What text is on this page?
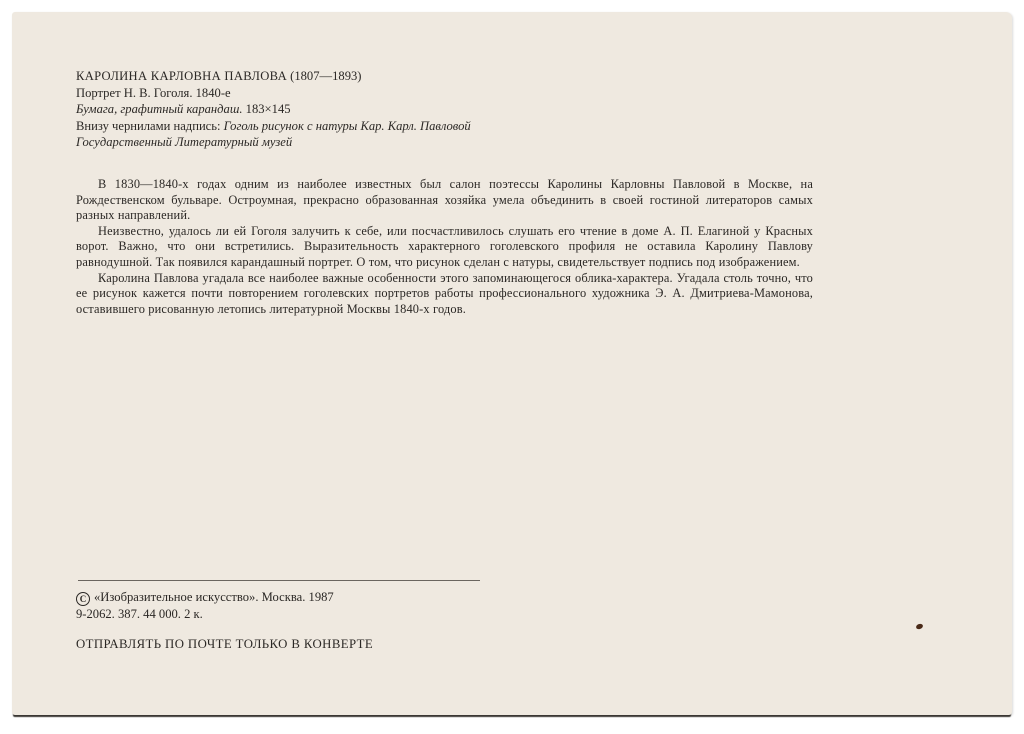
КАРОЛИНА КАРЛОВНА ПАВЛОВА (1807—1893)
Портрет Н. В. Гоголя. 1840-е
Бумага, графитный карандаш. 183×145
Внизу чернилами надпись: Гоголь рисунок с натуры Кар. Карл. Павловой
Государственный Литературный музей

В 1830—1840-х годах одним из наиболее известных был салон поэтессы Каролины Карловны Павловой в Москве, на Рождественском бульваре. Остроумная, прекрасно образованная хозяйка умела объединить в своей гостиной литераторов самых разных направлений.

Неизвестно, удалось ли ей Гоголя залучить к себе, или посчастливилось слушать его чтение в доме А. П. Елагиной у Красных ворот. Важно, что они встретились. Выразительность характерного гоголевского профиля не оставила Каролину Павлову равнодушной. Так появился карандашный портрет. О том, что рисунок сделан с натуры, свидетельствует подпись под изображением.

Каролина Павлова угадала все наиболее важные особенности этого запоминающегося облика-характера. Угадала столь точно, что ее рисунок кажется почти повторением гоголевских портретов работы профессионального художника Э. А. Дмитриева-Мамонова, оставившего рисованную летопись литературной Москвы 1840-х годов.

C «Изобразительное искусство». Москва. 1987
9-2062. 387. 44 000. 2 к.
ОТПРАВЛЯТЬ ПО ПОЧТЕ ТОЛЬКО В КОНВЕРТЕ
